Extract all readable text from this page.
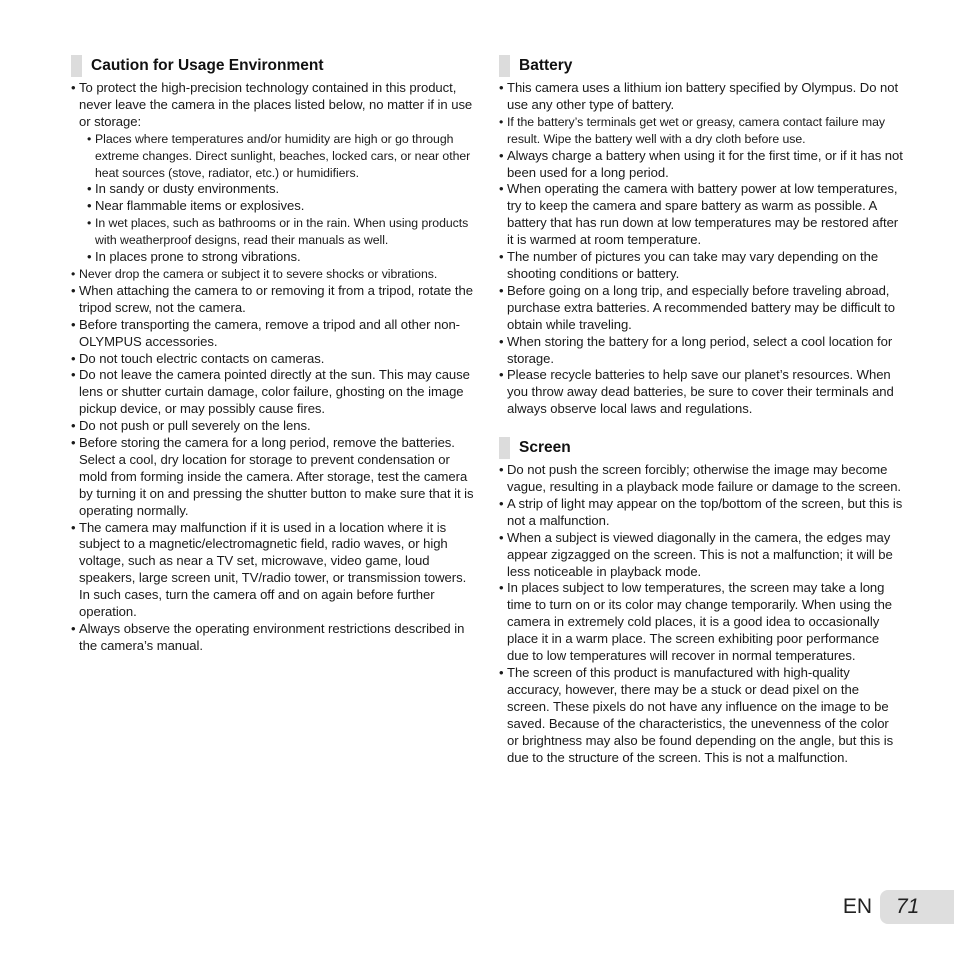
Caution for Usage Environment
• To protect the high-precision technology contained in this product, never leave the camera in the places listed below, no matter if in use or storage:
• Places where temperatures and/or humidity are high or go through extreme changes. Direct sunlight, beaches, locked cars, or near other heat sources (stove, radiator, etc.) or humidifiers.
• In sandy or dusty environments.
• Near flammable items or explosives.
• In wet places, such as bathrooms or in the rain. When using products with weatherproof designs, read their manuals as well.
• In places prone to strong vibrations.
• Never drop the camera or subject it to severe shocks or vibrations.
• When attaching the camera to or removing it from a tripod, rotate the tripod screw, not the camera.
• Before transporting the camera, remove a tripod and all other non-OLYMPUS accessories.
• Do not touch electric contacts on cameras.
• Do not leave the camera pointed directly at the sun. This may cause lens or shutter curtain damage, color failure, ghosting on the image pickup device, or may possibly cause fires.
• Do not push or pull severely on the lens.
• Before storing the camera for a long period, remove the batteries. Select a cool, dry location for storage to prevent condensation or mold from forming inside the camera. After storage, test the camera by turning it on and pressing the shutter button to make sure that it is operating normally.
• The camera may malfunction if it is used in a location where it is subject to a magnetic/electromagnetic field, radio waves, or high voltage, such as near a TV set, microwave, video game, loud speakers, large screen unit, TV/radio tower, or transmission towers. In such cases, turn the camera off and on again before further operation.
• Always observe the operating environment restrictions described in the camera’s manual.
Battery
• This camera uses a lithium ion battery specified by Olympus. Do not use any other type of battery.
• If the battery’s terminals get wet or greasy, camera contact failure may result. Wipe the battery well with a dry cloth before use.
• Always charge a battery when using it for the first time, or if it has not been used for a long period.
• When operating the camera with battery power at low temperatures, try to keep the camera and spare battery as warm as possible. A battery that has run down at low temperatures may be restored after it is warmed at room temperature.
• The number of pictures you can take may vary depending on the shooting conditions or battery.
• Before going on a long trip, and especially before traveling abroad, purchase extra batteries. A recommended battery may be difficult to obtain while traveling.
• When storing the battery for a long period, select a cool location for storage.
• Please recycle batteries to help save our planet’s resources. When you throw away dead batteries, be sure to cover their terminals and always observe local laws and regulations.
Screen
• Do not push the screen forcibly; otherwise the image may become vague, resulting in a playback mode failure or damage to the screen.
• A strip of light may appear on the top/bottom of the screen, but this is not a malfunction.
• When a subject is viewed diagonally in the camera, the edges may appear zigzagged on the screen. This is not a malfunction; it will be less noticeable in playback mode.
• In places subject to low temperatures, the screen may take a long time to turn on or its color may change temporarily. When using the camera in extremely cold places, it is a good idea to occasionally place it in a warm place. The screen exhibiting poor performance due to low temperatures will recover in normal temperatures.
• The screen of this product is manufactured with high-quality accuracy, however, there may be a stuck or dead pixel on the screen. These pixels do not have any influence on the image to be saved. Because of the characteristics, the unevenness of the color or brightness may also be found depending on the angle, but this is due to the structure of the screen. This is not a malfunction.
EN 71
